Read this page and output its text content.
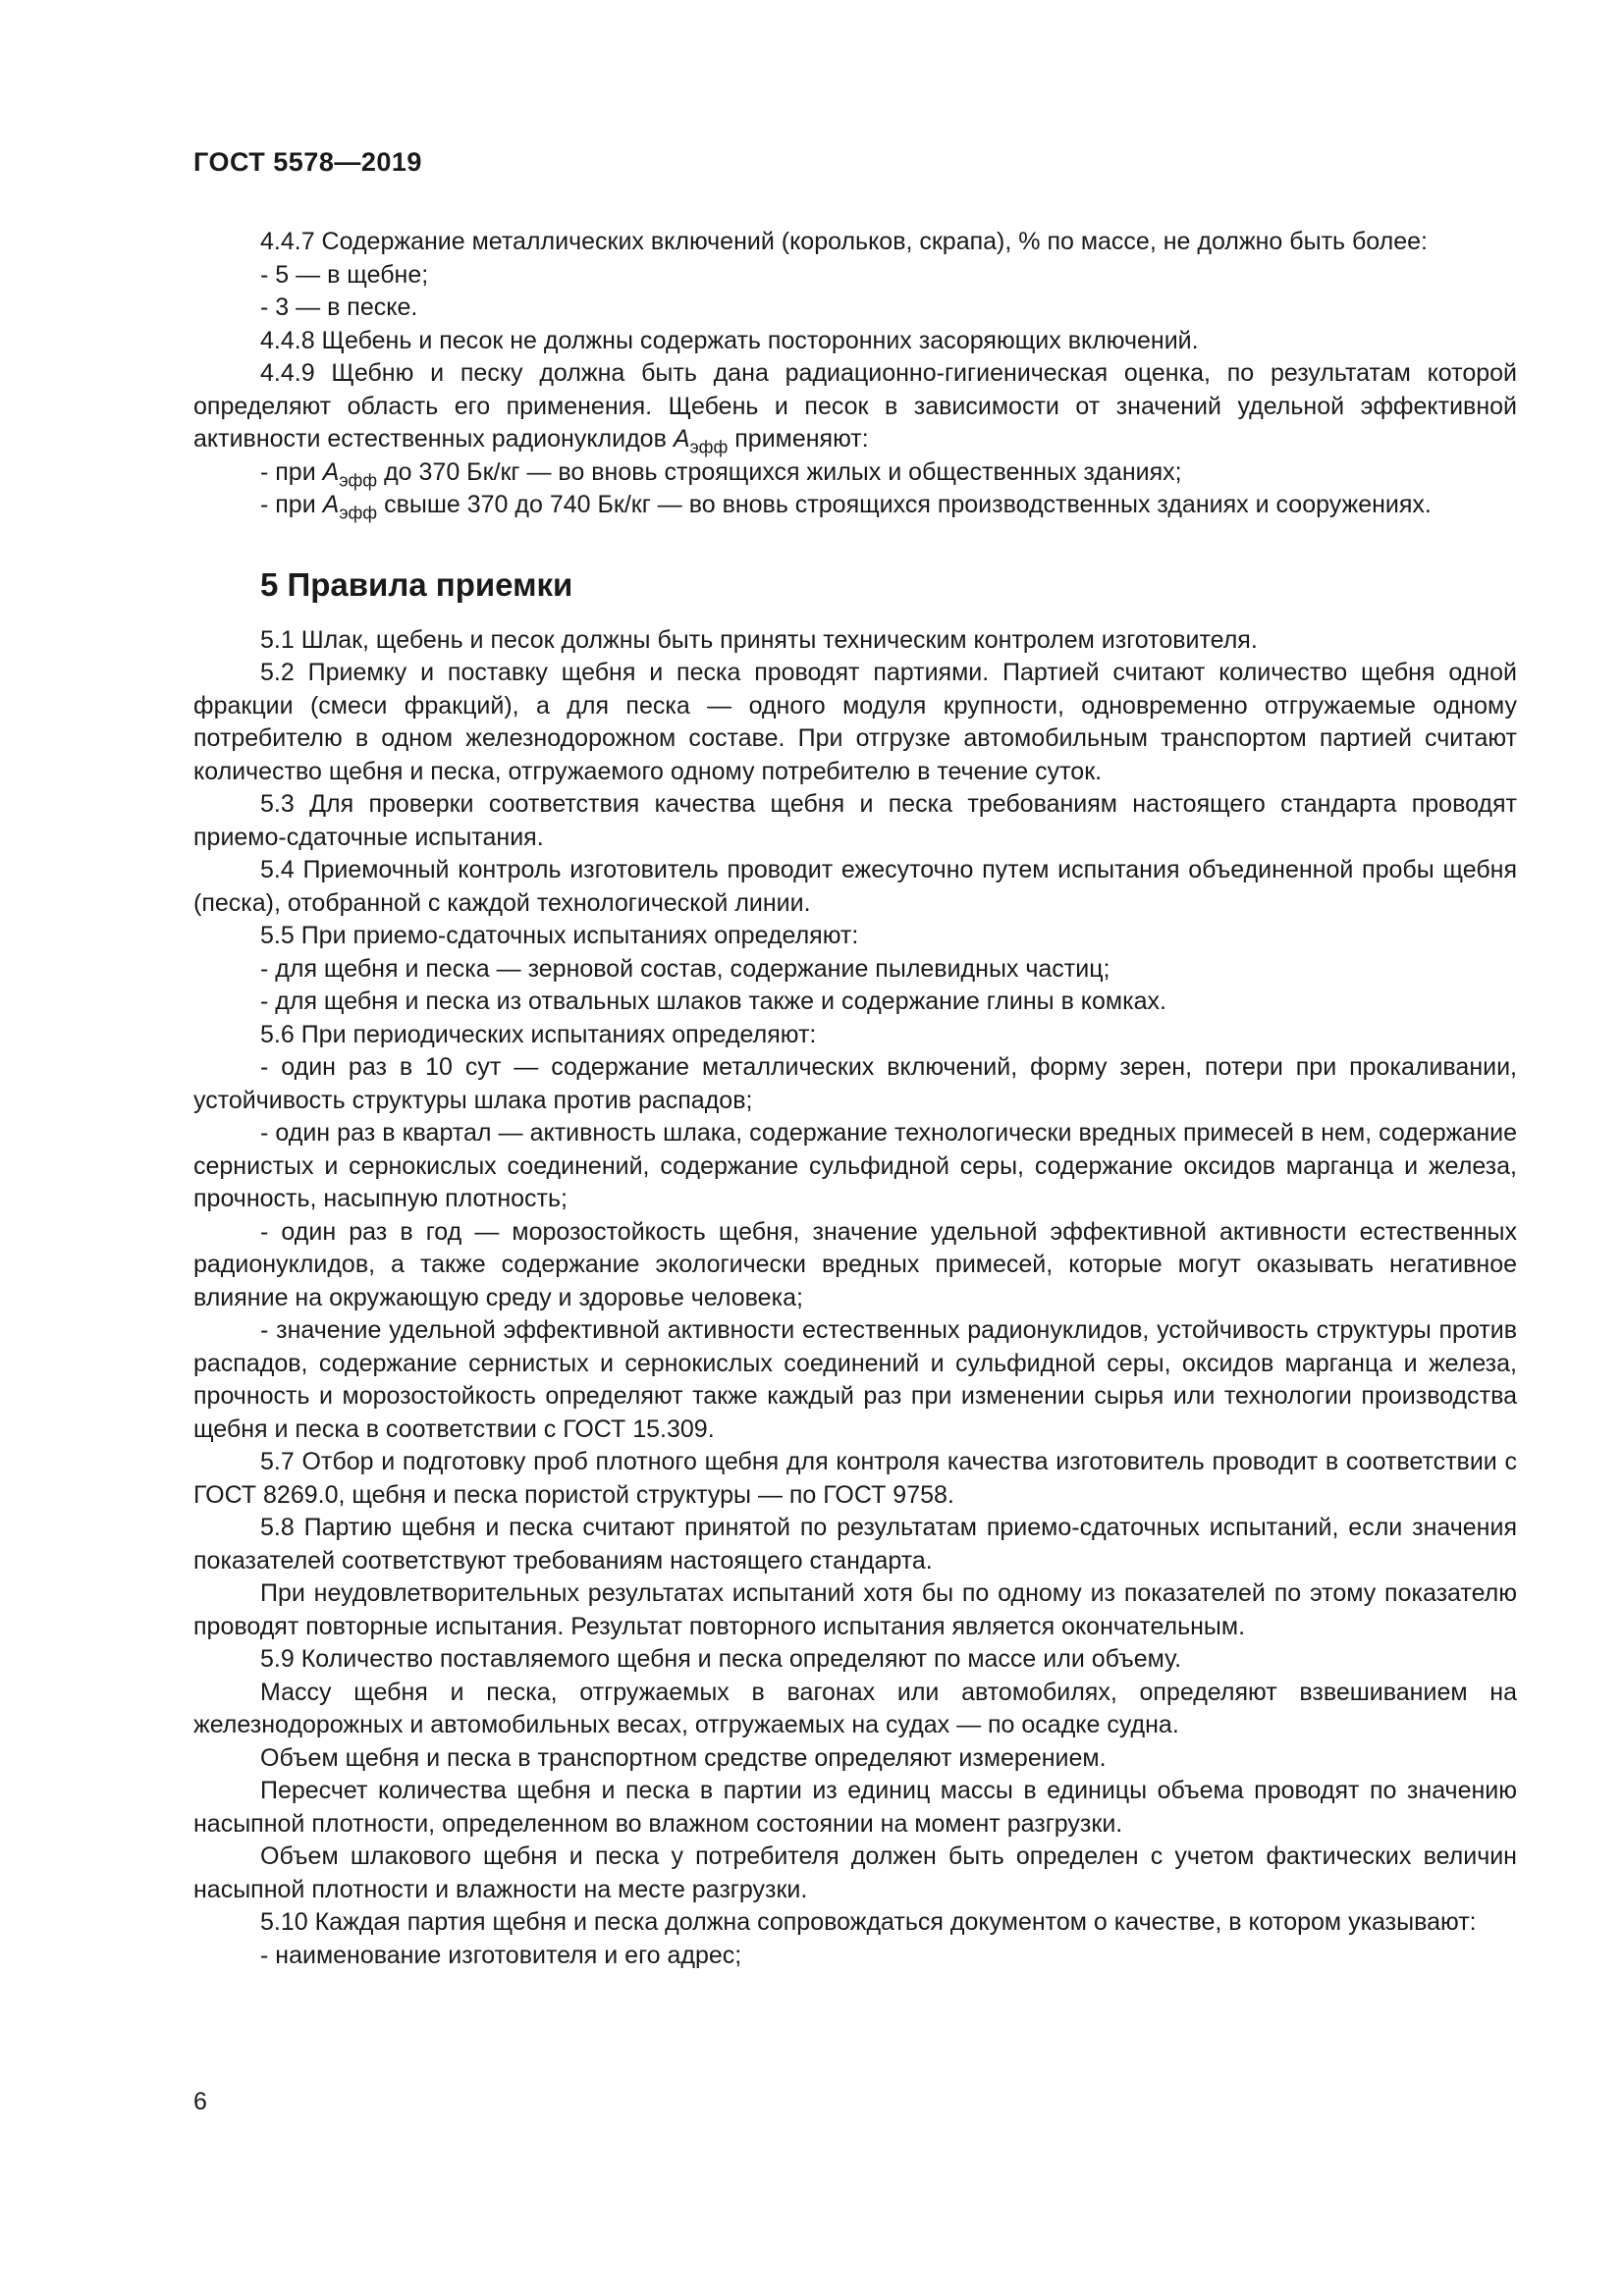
ГОСТ 5578—2019

4.4.7 Содержание металлических включений (корольков, скрапа), % по массе, не должно быть более:

- 5 — в щебне;

- 3 — в песке.

4.4.8 Щебень и песок не должны содержать посторонних засоряющих включений.

4.4.9 Щебню и песку должна быть дана радиационно-гигиеническая оценка, по результатам которой определяют область его применения. Щебень и песок в зависимости от значений удельной эффективной активности естественных радионуклидов $А_{эфф}$ применяют:

- при $А_{эфф}$ до 370 Бк/кг — во вновь строящихся жилых и общественных зданиях;

- при $А_{эфф}$ свыше 370 до 740 Бк/кг — во вновь строящихся производственных зданиях и сооружениях.

5 Правила приемки

5.1 Шлак, щебень и песок должны быть приняты техническим контролем изготовителя.

5.2 Приемку и поставку щебня и песка проводят партиями. Партией считают количество щебня одной фракции (смеси фракций), а для песка — одного модуля крупности, одновременно отгружаемые одному потребителю в одном железнодорожном составе. При отгрузке автомобильным транспортом партией считают количество щебня и песка, отгружаемого одному потребителю в течение суток.

5.3 Для проверки соответствия качества щебня и песка требованиям настоящего стандарта проводят приемо-сдаточные испытания.

5.4 Приемочный контроль изготовитель проводит ежесуточно путем испытания объединенной пробы щебня (песка), отобранной с каждой технологической линии.

5.5 При приемо-сдаточных испытаниях определяют:

- для щебня и песка — зерновой состав, содержание пылевидных частиц;

- для щебня и песка из отвальных шлаков также и содержание глины в комках.

5.6 При периодических испытаниях определяют:

- один раз в 10 сут — содержание металлических включений, форму зерен, потери при прокаливании, устойчивость структуры шлака против распадов;

- один раз в квартал — активность шлака, содержание технологически вредных примесей в нем, содержание сернистых и сернокислых соединений, содержание сульфидной серы, содержание оксидов марганца и железа, прочность, насыпную плотность;

- один раз в год — морозостойкость щебня, значение удельной эффективной активности естественных радионуклидов, а также содержание экологически вредных примесей, которые могут оказывать негативное влияние на окружающую среду и здоровье человека;

- значение удельной эффективной активности естественных радионуклидов, устойчивость структуры против распадов, содержание сернистых и сернокислых соединений и сульфидной серы, оксидов марганца и железа, прочность и морозостойкость определяют также каждый раз при изменении сырья или технологии производства щебня и песка в соответствии с ГОСТ 15.309.

5.7 Отбор и подготовку проб плотного щебня для контроля качества изготовитель проводит в соответствии с ГОСТ 8269.0, щебня и песка пористой структуры — по ГОСТ 9758.

5.8 Партию щебня и песка считают принятой по результатам приемо-сдаточных испытаний, если значения показателей соответствуют требованиям настоящего стандарта.

При неудовлетворительных результатах испытаний хотя бы по одному из показателей по этому показателю проводят повторные испытания. Результат повторного испытания является окончательным.

5.9 Количество поставляемого щебня и песка определяют по массе или объему.

Массу щебня и песка, отгружаемых в вагонах или автомобилях, определяют взвешиванием на железнодорожных и автомобильных весах, отгружаемых на судах — по осадке судна.

Объем щебня и песка в транспортном средстве определяют измерением.

Пересчет количества щебня и песка в партии из единиц массы в единицы объема проводят по значению насыпной плотности, определенном во влажном состоянии на момент разгрузки.

Объем шлакового щебня и песка у потребителя должен быть определен с учетом фактических величин насыпной плотности и влажности на месте разгрузки.

5.10 Каждая партия щебня и песка должна сопровождаться документом о качестве, в котором указывают:

- наименование изготовителя и его адрес;

6
